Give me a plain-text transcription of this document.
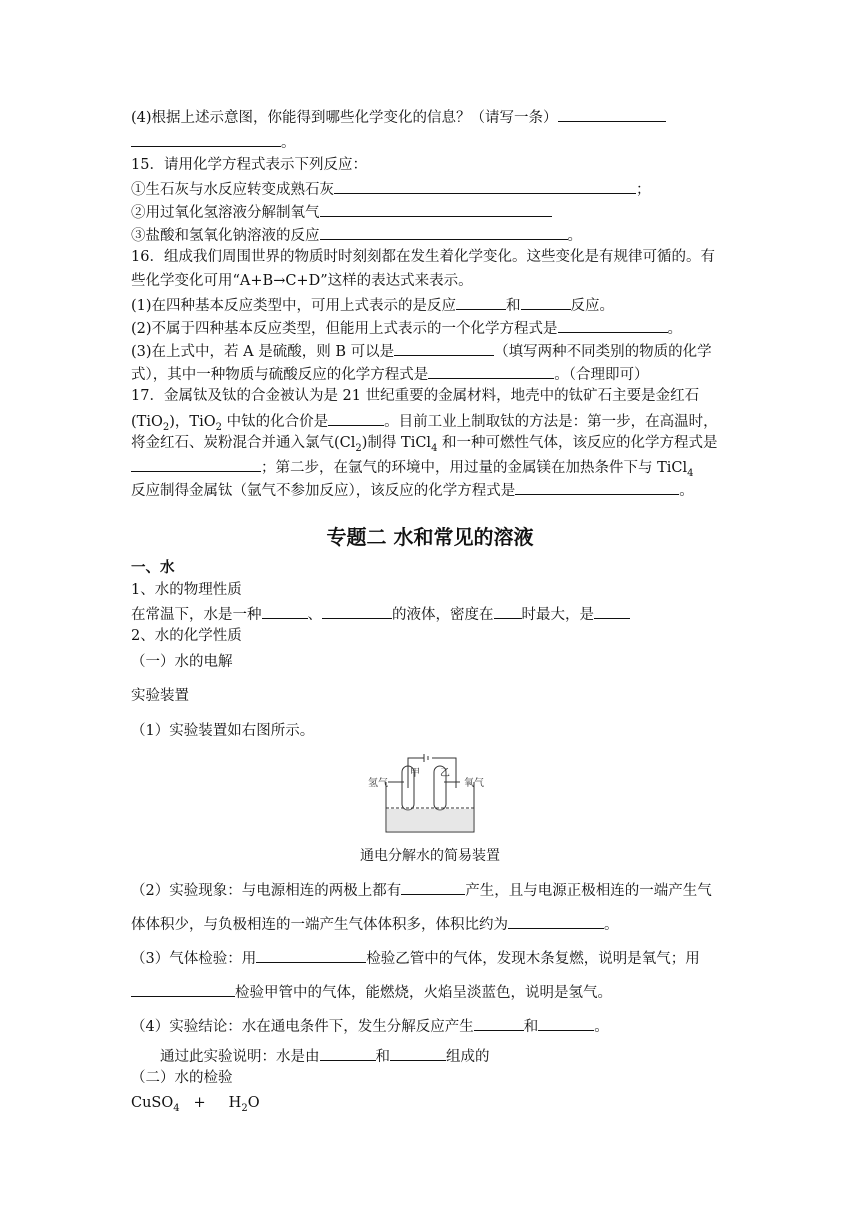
(4)根据上述示意图，你能得到哪些化学变化的信息？（请写一条）
。
15．请用化学方程式表示下列反应：
①生石灰与水反应转变成熟石灰	；
②用过氧化氢溶液分解制氧气
③盐酸和氢氧化钠溶液的反应	。
16．组成我们周围世界的物质时时刻刻都在发生着化学变化。这些变化是有规律可循的。有
些化学变化可用“A+B→C+D”这样的表达式来表示。
(1)在四种基本反应类型中，可用上式表示的是反应	和	反应。
(2)不属于四种基本反应类型，但能用上式表示的一个化学方程式是	。
(3)在上式中，若 A 是硫酸，则 B 可以是	（填写两种不同类别的物质的化学
式），其中一种物质与硫酸反应的化学方程式是	。（合理即可）
17．金属钛及钛的合金被认为是 21 世纪重要的金属材料，地壳中的钛矿石主要是金红石
(TiO$_2$)，TiO$_2$ 中钛的化合价是	。目前工业上制取钛的方法是：第一步，在高温时，
将金红石、炭粉混合并通入氯气$(Cl_2)$制得 TiCl$_4$ 和一种可燃性气体，该反应的化学方程式是
；第二步，在氩气的环境中，用过量的金属镁在加热条件下与 TiCl$_4$
反应制得金属钛（氩气不参加反应），该反应的化学方程式是	。
专题二 水和常见的溶液
一、水
1、水的物理性质
在常温下，水是一种	、	的液体，密度在 时最大，是
2、水的化学性质
（一）水的电解
实验装置
（1）实验装置如右图所示。
氢气	氧气
甲 乙
通电分解水的简易装置
（2）实验现象：与电源相连的两极上都有	产生，且与电源正极相连的一端产生气
体体积少，与负极相连的一端产生气体体积多，体积比约为	。
（3）气体检验：用	检验乙管中的气体，发现木条复燃，说明是氧气；用
检验甲管中的气体，能燃烧，火焰呈淡蓝色，说明是氢气。
（4）实验结论：水在通电条件下，发生分解反应产生	和	。
通过此实验说明：水是由	和	组成的
（二）水的检验
CuSO$_4$   +     $H_2O$
